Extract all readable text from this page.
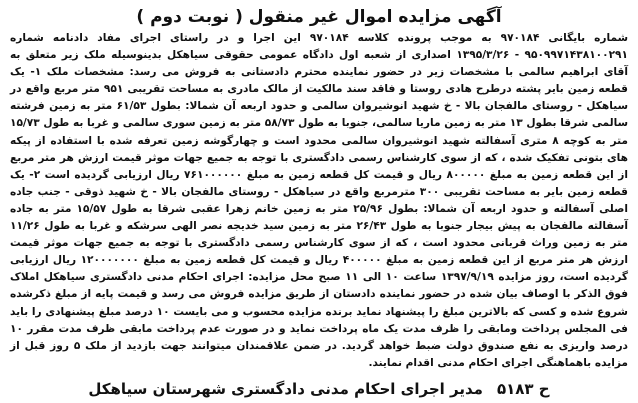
آگهی مزایده اموال غیر منقول ( نوبت دوم )

شماره بایگانی ۹۷۰۱۸۴ به موجب پرونده کلاسه ۹۷۰۱۸۴ این اجرا و در راستای اجرای مفاد دادنامه شماره ۹۵۰۹۹۷۱۴۳۸۱۰۰۲۹۱ - ۱۳۹۵/۳/۲۶ اصداری از شعبه اول دادگاه عمومی حقوقی سیاهکل بدینوسیله ملک زیر متعلق به آقای ابراهیم سالمی با مشخصات زیر در حضور نماینده محترم دادستانی به فروش می رسد: مشخصات ملک ۱- یک قطعه زمین بایر پشته درطرح هادی روستا و فاقد سند مالکیت از مالک مادری به مساحت تقریبی ۹۵۱ متر مربع واقع در سیاهکل - روستای مالفجان بالا - خ شهید انوشیروان سالمی و حدود اربعه آن شمالا: بطول ۶۱/۵۳ متر به زمین فرشته سالمی شرقا بطول ۱۳ متر به زمین ماریا سالمی، جنوبا به طول ۵۸/۷۳ متر به زمین سوری سالمی و غربا به طول ۱۵/۷۳ متر به کوچه ۸ متری آسفالته شهید انوشیروان سالمی محدود است و چهارگوشه زمین تعرفه شده با استفاده از پیکه های بتونی تفکیک شده ، که از سوی کارشناس رسمی دادگستری با توجه به جمیع جهات موثر قیمت ارزش هر متر مربع از این قطعه زمین به مبلغ ۸۰۰۰۰۰ ریال و قیمت کل قطعه زمین به مبلغ ۷۶۱۰۰۰۰۰۰ ریال ارزیابی گردیده است ۲- یک قطعه زمین بایر به مساحت تقریبی ۳۰۰ مترمربع واقع در سیاهکل - روستای مالفجان بالا - خ شهید ذوقی - جنب جاده اصلی آسفالته و حدود اربعه آن شمالا: بطول ۲۵/۹۶ متر به زمین خانم زهرا عقبی شرقا به طول ۱۵/۵۷ متر به جاده آسفالته مالفجان به پیش بیجار جنوبا به طول ۲۶/۴۳ متر به زمین سید خدیجه نصر الهی سرشکه و غربا به طول ۱۱/۲۶ متر به زمین وراث قربانی محدود است ، که از سوی کارشناس رسمی دادگستری با توجه به جمیع جهات موثر قیمت ارزش هر متر مربع از این قطعه زمین به مبلغ ۴۰۰۰۰۰ ریال و قیمت کل قطعه زمین به مبلغ ۱۲۰۰۰۰۰۰۰ ریال ارزیابی گردیده است، روز مزایده ۱۳۹۷/۹/۱۹ ساعت ۱۰ الی ۱۱ صبح محل مزایده: اجرای احکام مدنی دادگستری سیاهکل املاک فوق الذکر با اوصاف بیان شده در حضور نماینده دادستان از طریق مزایده فروش می رسد و قیمت پایه از مبلغ ذکرشده شروع شده و کسی که بالاترین مبلغ را پیشنهاد نماید برنده مزایده محسوب و می بایست ۱۰ درصد مبلغ پیشنهادی را باید فی المجلس پرداخت ومابقی را ظرف مدت یک ماه پرداخت نماید و در صورت عدم پرداخت مابقی ظرف مدت مقرر ۱۰ درصد واریزی به نفع صندوق دولت ضبط خواهد گردید. در ضمن علاقمندان میتوانند جهت بازدید از ملک ۵ روز قبل از مزایده باهماهنگی اجرای احکام مدنی اقدام نمایند.

ح ۵۱۸۳
مدیر اجرای احکام مدنی دادگستری شهرستان سیاهکل
